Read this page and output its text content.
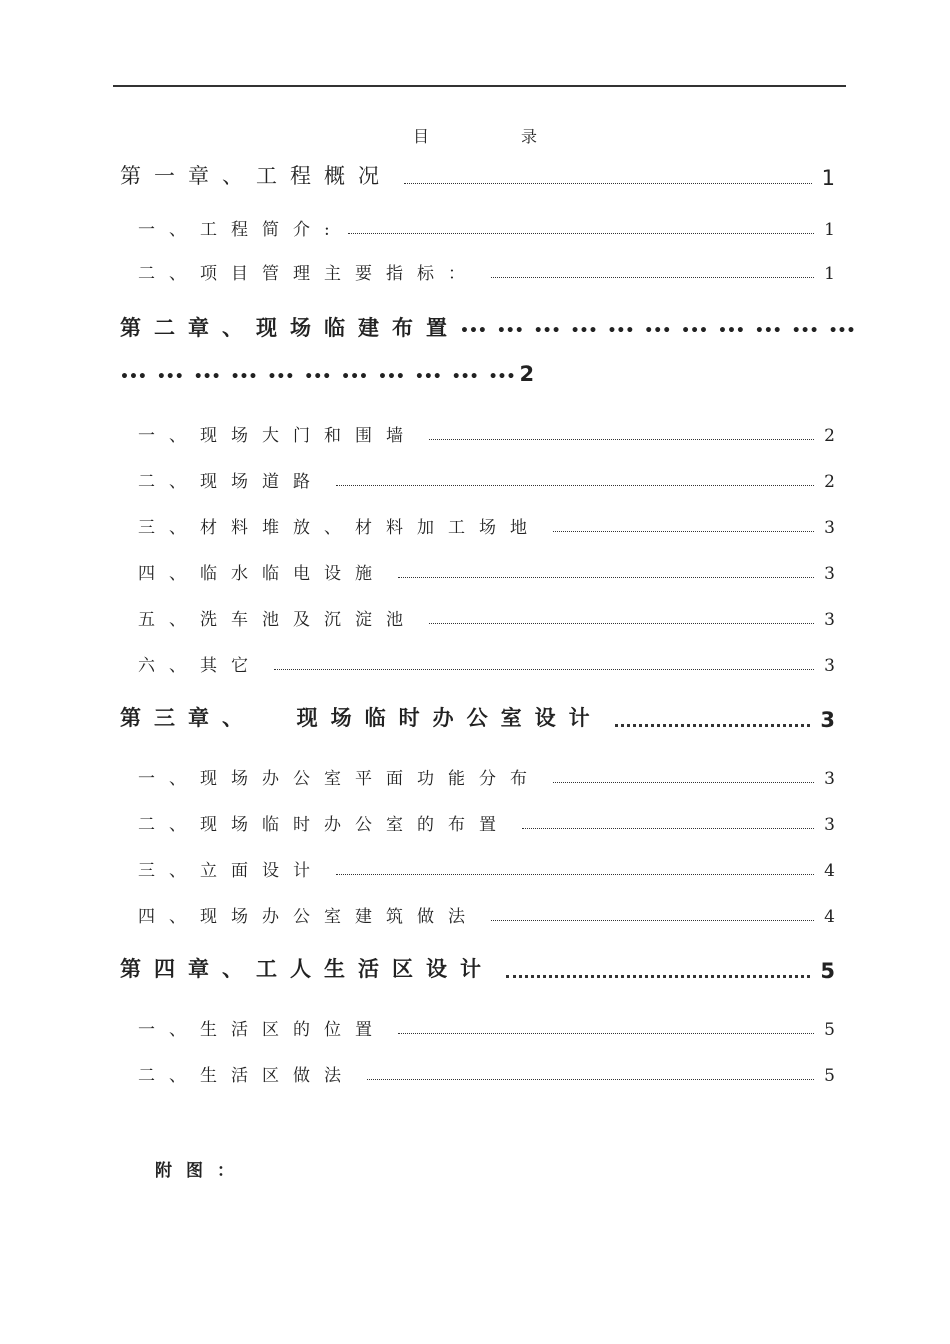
目	录
第一章、工程概况	1
一、工程简介:	1
二、项目管理主要指标：	1
第二章、现场临建布置••• ••• ••• ••• ••• ••• ••• ••• ••• ••• •••
••• ••• ••• ••• ••• ••• ••• ••• ••• ••• ••• 2
一、现场大门和围墙	2
二、现场道路	2
三、材料堆放、材料加工场地	3
四、临水临电设施	3
五、洗车池及沉淀池	3
六、其它	3
第三章、  现场临时办公室设计	3
一、现场办公室平面功能分布	3
二、现场临时办公室的布置	3
三、立面设计	4
四、现场办公室建筑做法	4
第四章、工人生活区设计	5
一、生活区的位置	5
二、生活区做法	5
附图：
